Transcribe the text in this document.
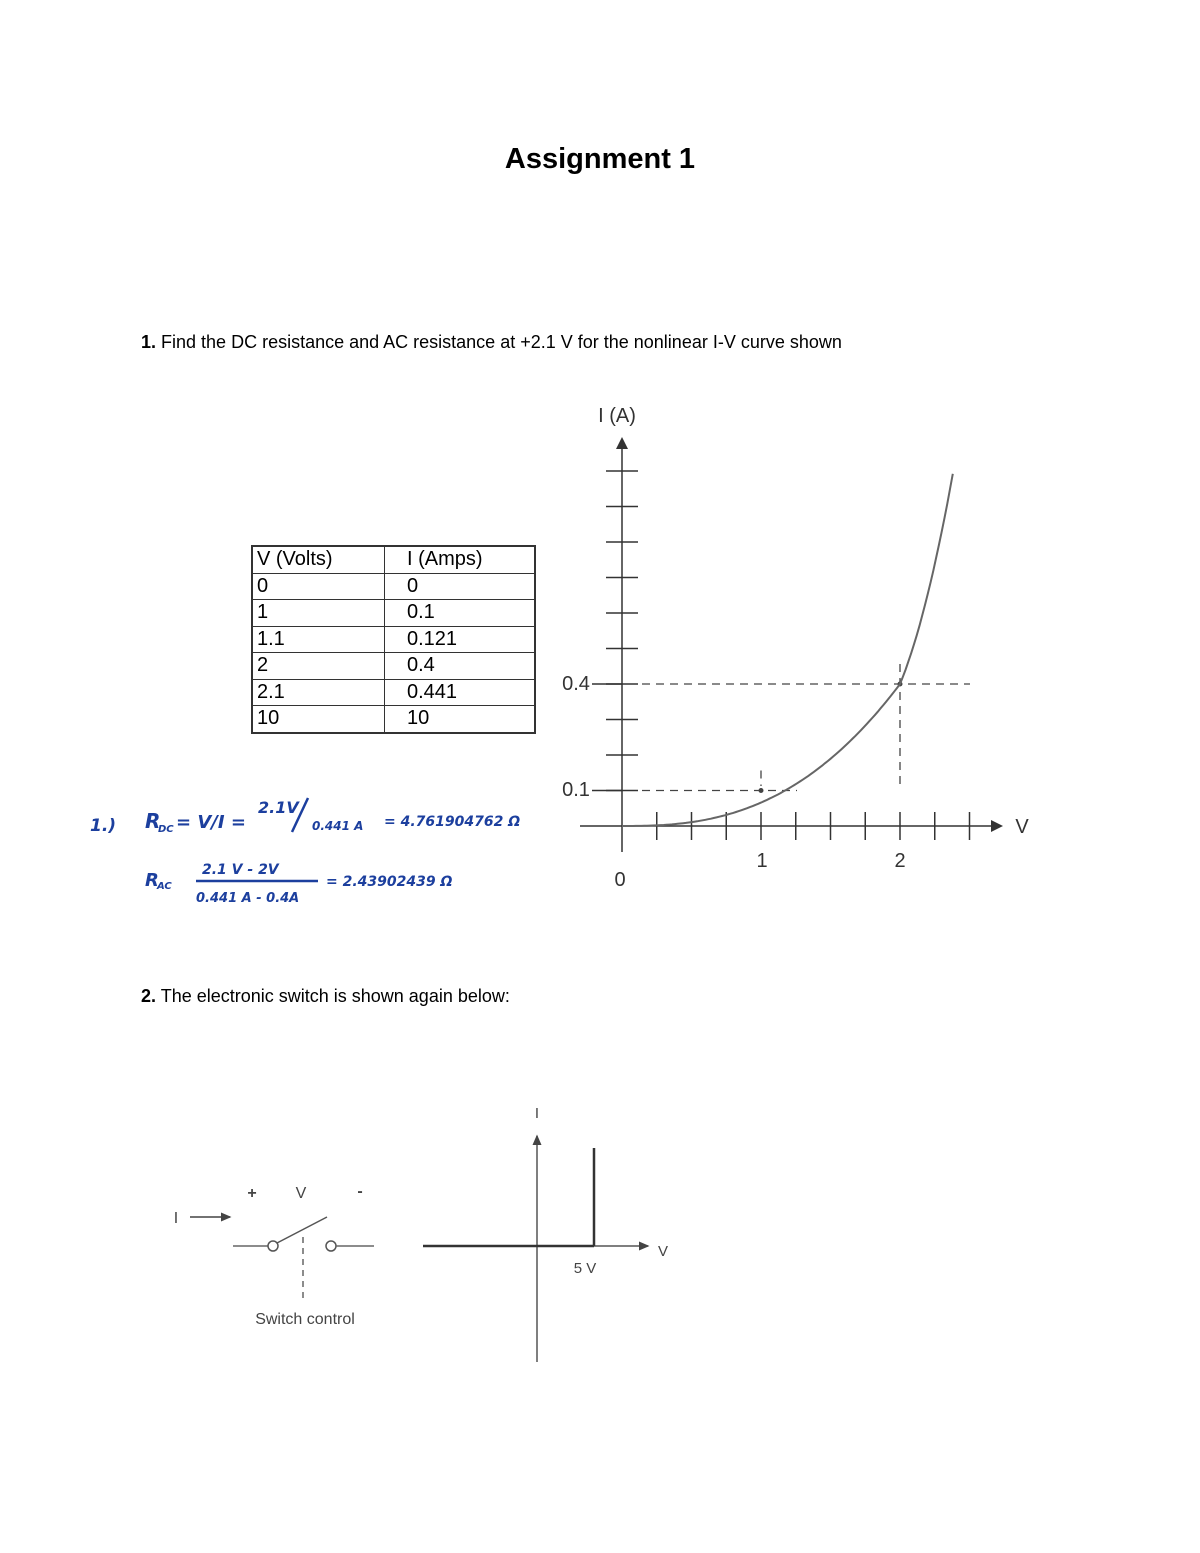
Assignment 1
1. Find the DC resistance and AC resistance at +2.1 V for the nonlinear I-V curve shown
V (Volts)	I (Amps)
0	0
1	0.1
1.1	0.121
2	0.4
2.1	0.441
10	10
I (A)
V
0.4
0.1
1	2
0
1.) R
DC = V/I =
2.1V
0.441 A = 4.761904762 Ω
R
AC
2.1 V - 2V
0.441 A - 0.4A
= 2.43902439 Ω
2. The electronic switch is shown again below:
I
+ V	-
Switch control
I
V
5 V
